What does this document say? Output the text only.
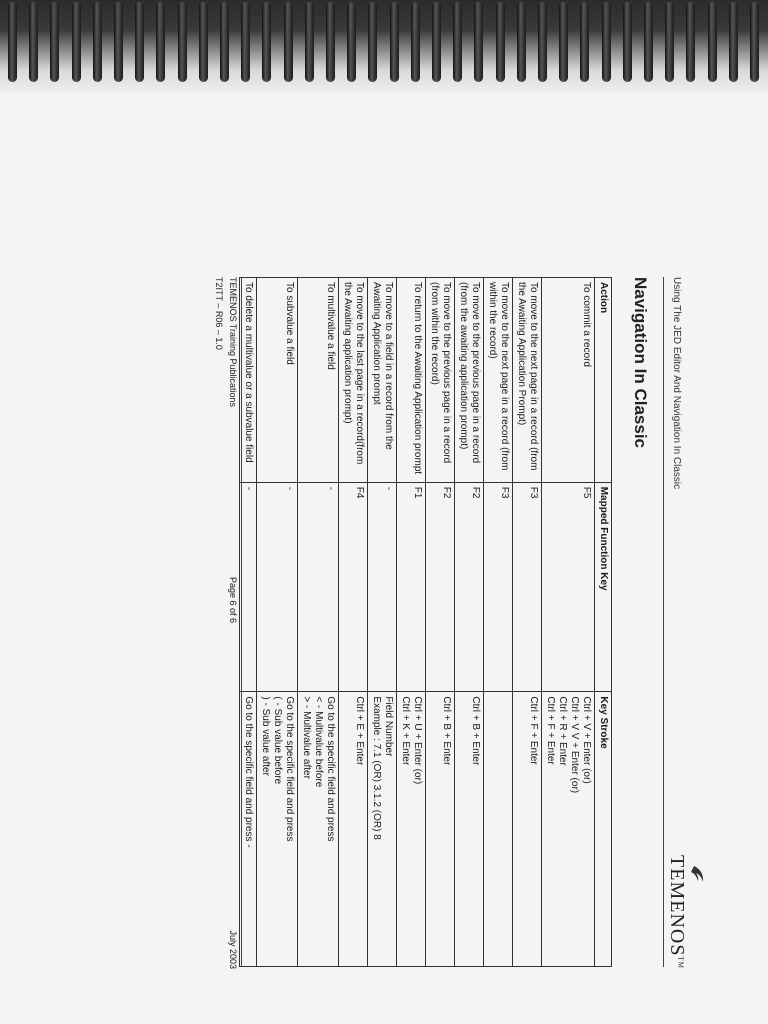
Using The JED Editor And Navigation In Classic
TEMENOS™
Navigation In Classic
Action	Mapped Function Key	Key Stroke
To commit a record	F5	Ctrl + V + Enter (or)
Ctrl + V V + Enter (or)
Ctrl + R + Enter
Ctrl + F + Enter

To move to the next page in a record (from the Awaiting Application Prompt)	F3	Ctrl + F + Enter

To move to the next page in a record (from within the record)	F3	
To move to the previous page in a record (from the awaiting application prompt)	F2	Ctrl + B + Enter

To move to the previous page in a record (from within the record)	F2	Ctrl + B + Enter

To return to the Awaiting Application prompt	F1	Ctrl + U + Enter (or)
Ctrl + K + Enter

To move to a field in a record from the Awaiting Application prompt	-	Field Number
Example : 7.1 (OR) 3.1.2 (OR) 8

To move to the last page in a record(from the Awaiting application prompt)	F4	Ctrl + E + Enter

To multivalue a field	-	Go to the specific field and press
< - Multivalue before
> - Multivalue after

To subvalue a field	-	Go to the specific field and press
( - Sub value before
) - Sub value after

To delete a multivalue or a subvalue field	-	Go to the specific field and press -
TEMENOS Training Publications
T2ITT – R06 – 1.0
Page 6 of 6
July 2003
